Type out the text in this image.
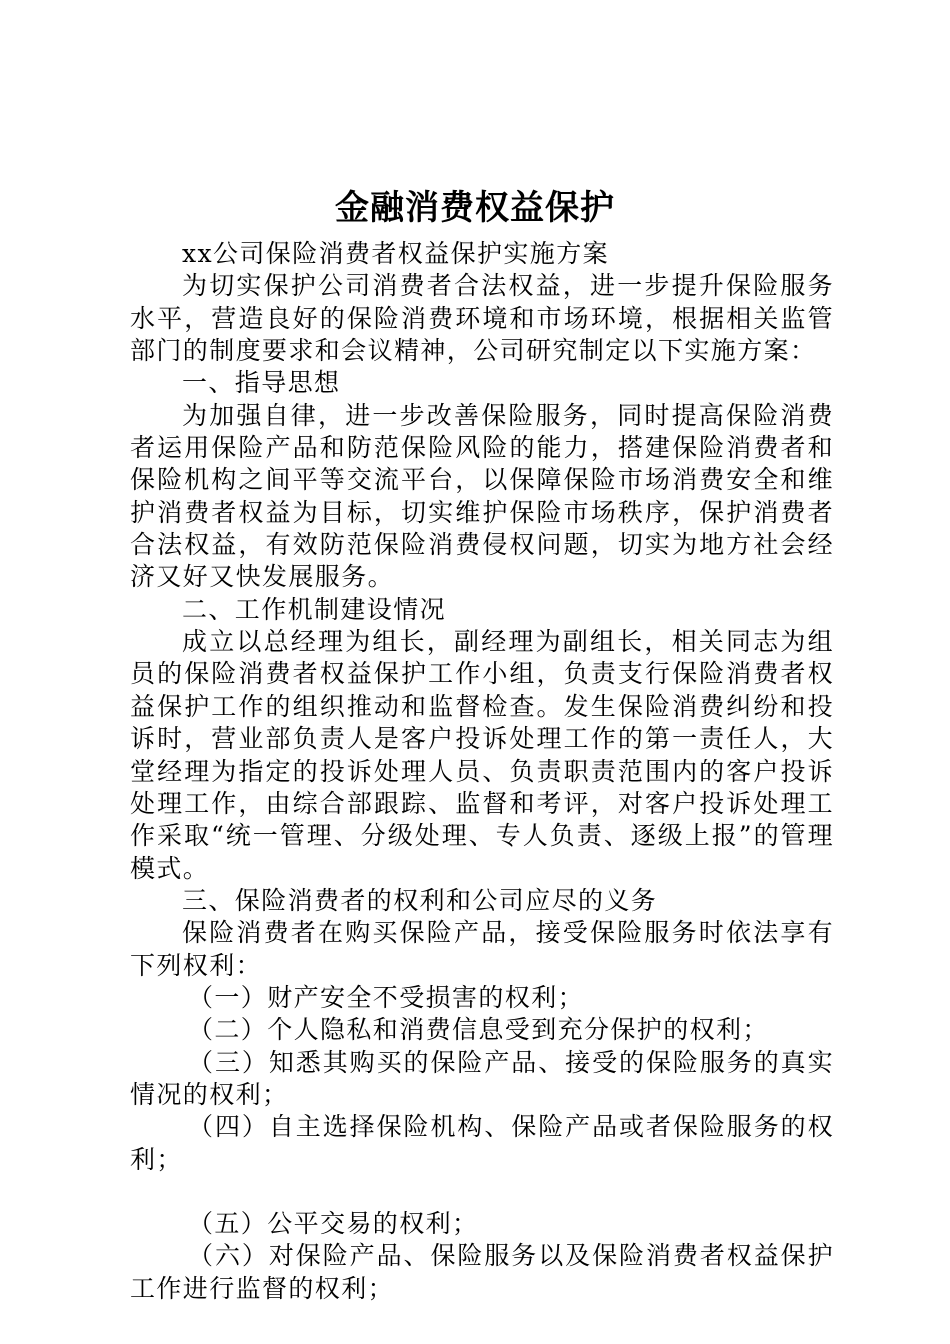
金融消费权益保护

xx公司保险消费者权益保护实施方案

为切实保护公司消费者合法权益，进一步提升保险服务水平，营造良好的保险消费环境和市场环境，根据相关监管部门的制度要求和会议精神，公司研究制定以下实施方案：

一、指导思想

为加强自律，进一步改善保险服务，同时提高保险消费者运用保险产品和防范保险风险的能力，搭建保险消费者和保险机构之间平等交流平台，以保障保险市场消费安全和维护消费者权益为目标，切实维护保险市场秩序，保护消费者合法权益，有效防范保险消费侵权问题，切实为地方社会经济又好又快发展服务。

二、工作机制建设情况

成立以总经理为组长，副经理为副组长，相关同志为组员的保险消费者权益保护工作小组，负责支行保险消费者权益保护工作的组织推动和监督检查。发生保险消费纠纷和投诉时，营业部负责人是客户投诉处理工作的第一责任人，大堂经理为指定的投诉处理人员、负责职责范围内的客户投诉处理工作，由综合部跟踪、监督和考评，对客户投诉处理工作采取“统一管理、分级处理、专人负责、逐级上报”的管理模式。

三、保险消费者的权利和公司应尽的义务

保险消费者在购买保险产品，接受保险服务时依法享有下列权利：

（一）财产安全不受损害的权利；

（二）个人隐私和消费信息受到充分保护的权利；

（三）知悉其购买的保险产品、接受的保险服务的真实情况的权利；

（四）自主选择保险机构、保险产品或者保险服务的权利；

（五）公平交易的权利；

（六）对保险产品、保险服务以及保险消费者权益保护工作进行监督的权利；
